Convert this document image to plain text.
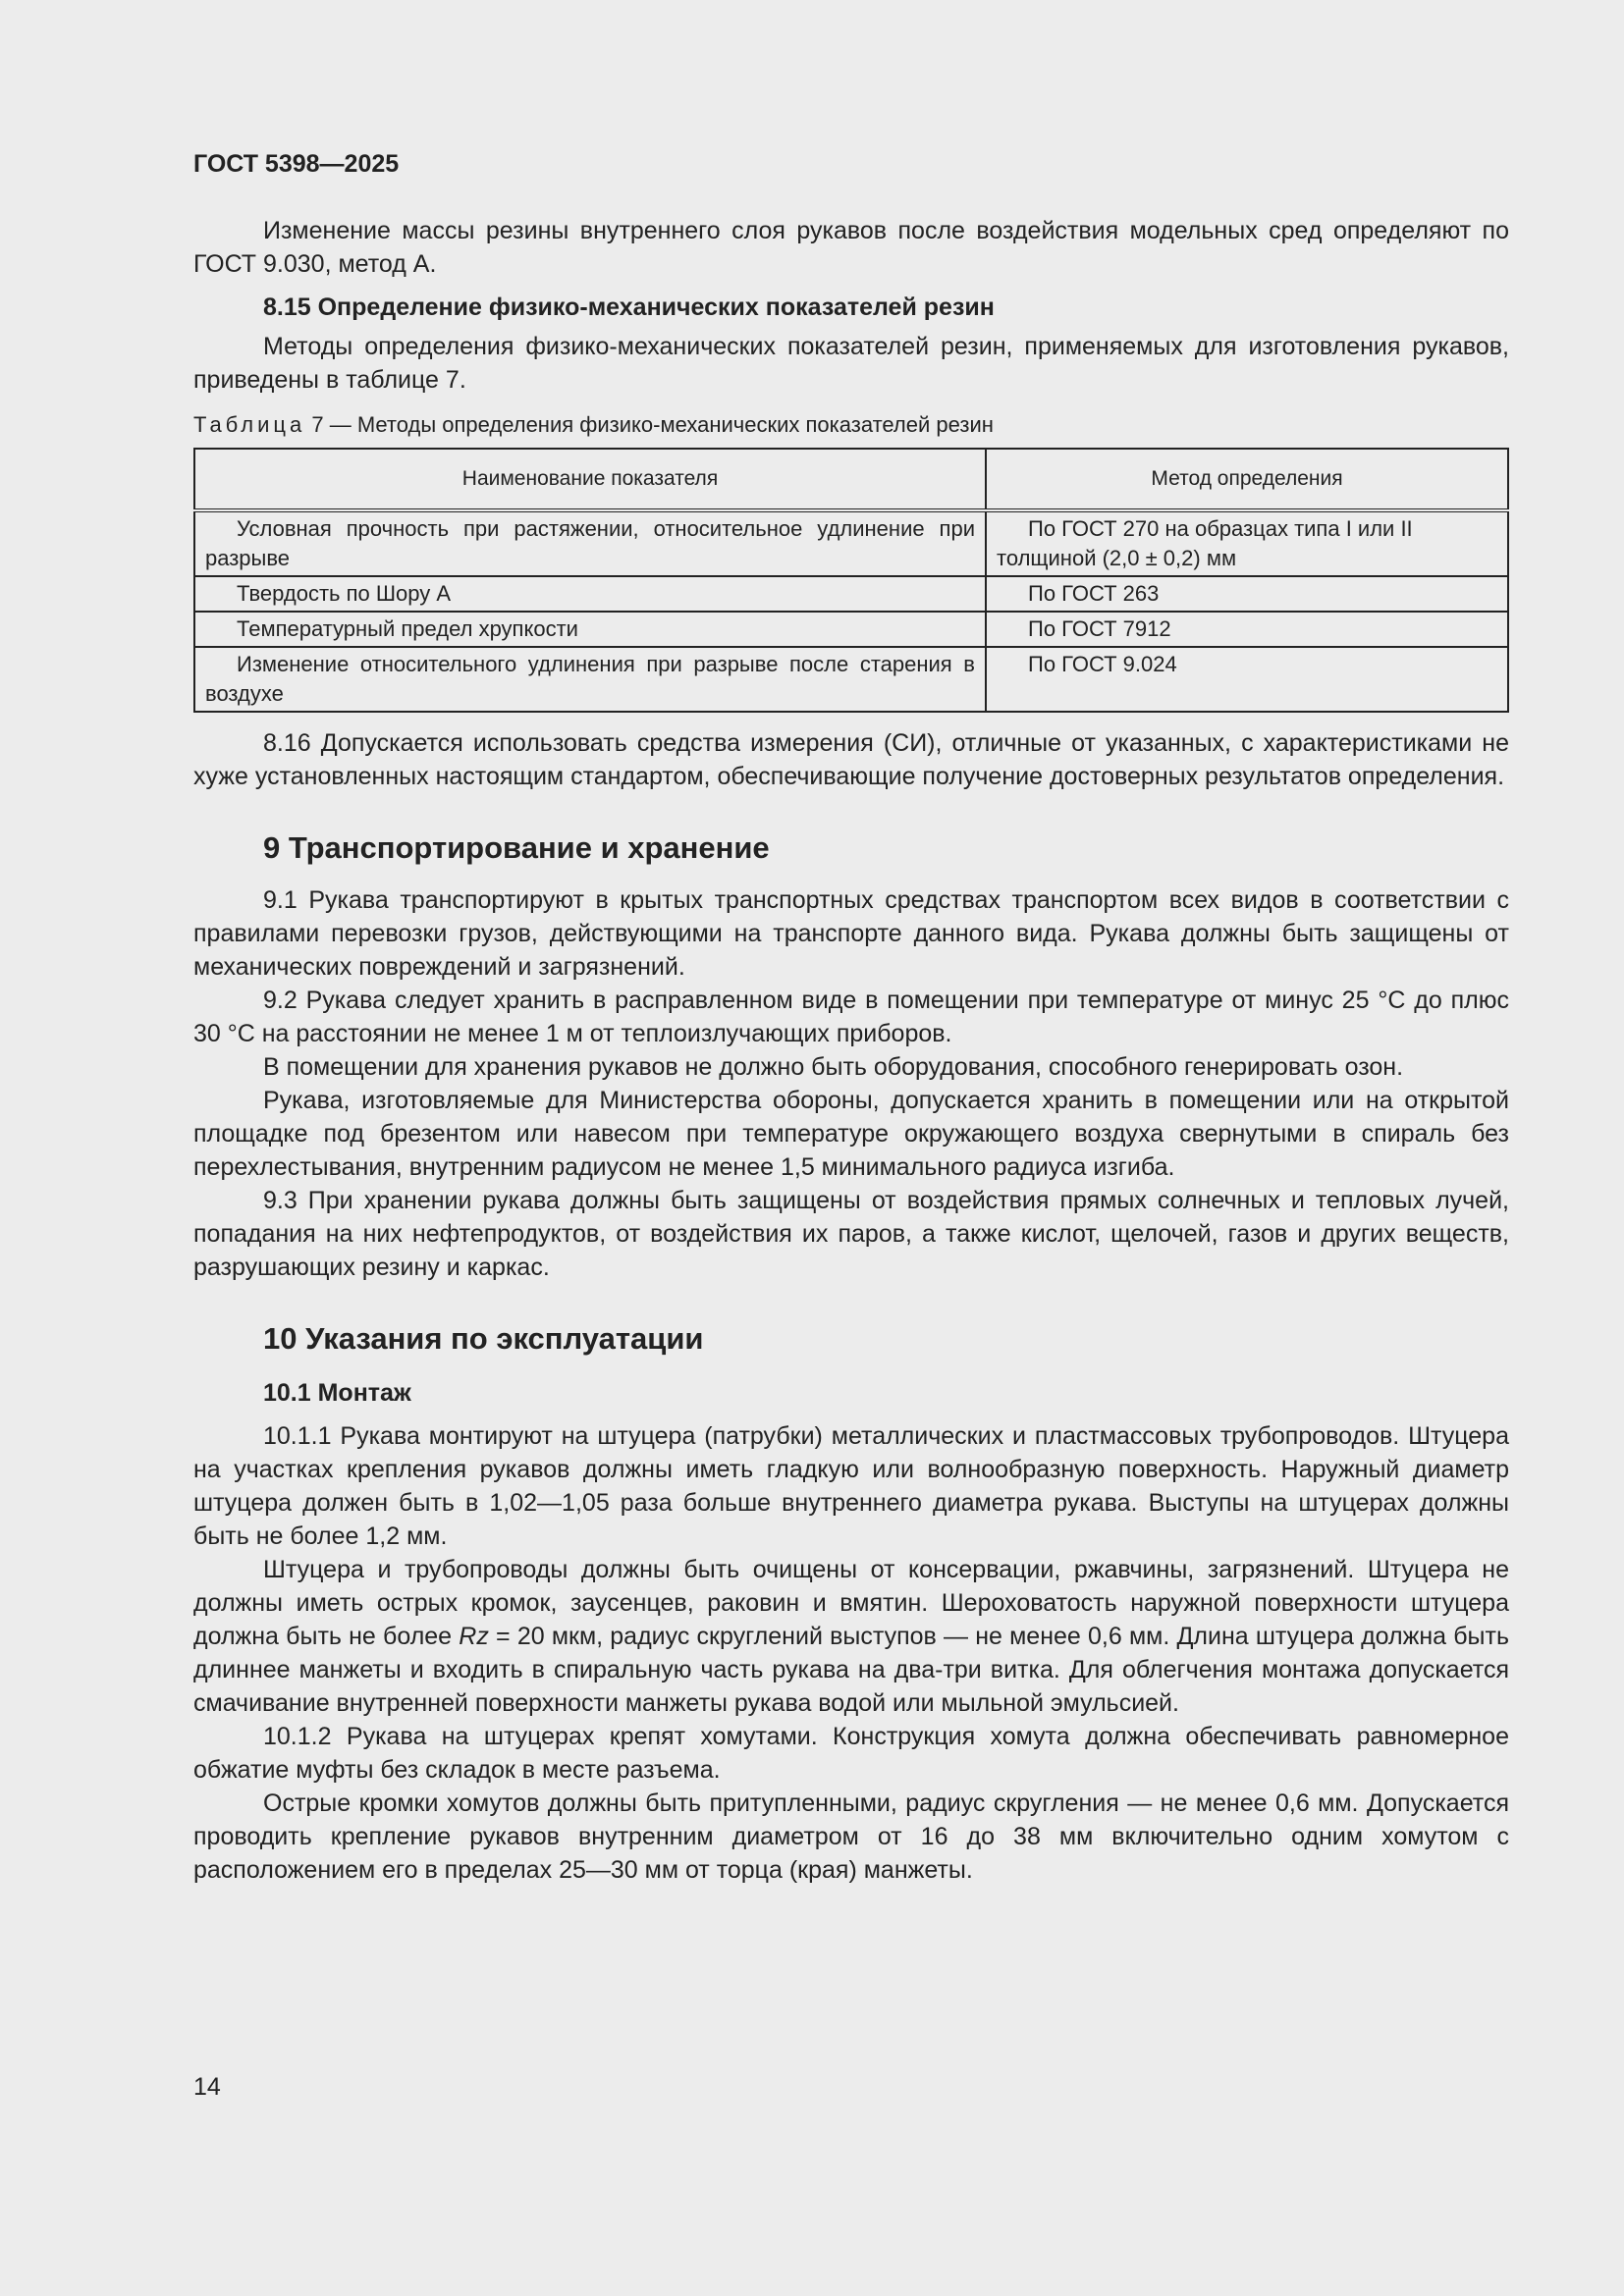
ГОСТ 5398—2025

Изменение массы резины внутреннего слоя рукавов после воздействия модельных сред определяют по ГОСТ 9.030, метод А.

8.15 Определение физико-механических показателей резин

Методы определения физико-механических показателей резин, применяемых для изготовления рукавов, приведены в таблице 7.

Таблица 7 — Методы определения физико-механических показателей резин
Наименование показателя	Метод определения

Условная прочность при растяжении, относительное удлинение при разрыве	По ГОСТ 270 на образцах типа I или II толщиной (2,0 ± 0,2) мм

Твердость по Шору А	По ГОСТ 263

Температурный предел хрупкости	По ГОСТ 7912

Изменение относительного удлинения при разрыве после старения в воздухе	По ГОСТ 9.024

8.16 Допускается использовать средства измерения (СИ), отличные от указанных, с характеристиками не хуже установленных настоящим стандартом, обеспечивающие получение достоверных результатов определения.

9 Транспортирование и хранение

9.1 Рукава транспортируют в крытых транспортных средствах транспортом всех видов в соответствии с правилами перевозки грузов, действующими на транспорте данного вида. Рукава должны быть защищены от механических повреждений и загрязнений.

9.2 Рукава следует хранить в расправленном виде в помещении при температуре от минус 25 °С до плюс 30 °С на расстоянии не менее 1 м от теплоизлучающих приборов.

В помещении для хранения рукавов не должно быть оборудования, способного генерировать озон.

Рукава, изготовляемые для Министерства обороны, допускается хранить в помещении или на открытой площадке под брезентом или навесом при температуре окружающего воздуха свернутыми в спираль без перехлестывания, внутренним радиусом не менее 1,5 минимального радиуса изгиба.

9.3 При хранении рукава должны быть защищены от воздействия прямых солнечных и тепловых лучей, попадания на них нефтепродуктов, от воздействия их паров, а также кислот, щелочей, газов и других веществ, разрушающих резину и каркас.

10 Указания по эксплуатации
10.1 Монтаж

10.1.1 Рукава монтируют на штуцера (патрубки) металлических и пластмассовых трубопроводов. Штуцера на участках крепления рукавов должны иметь гладкую или волнообразную поверхность. Наружный диаметр штуцера должен быть в 1,02—1,05 раза больше внутреннего диаметра рукава. Выступы на штуцерах должны быть не более 1,2 мм.

Штуцера и трубопроводы должны быть очищены от консервации, ржавчины, загрязнений. Штуцера не должны иметь острых кромок, заусенцев, раковин и вмятин. Шероховатость наружной поверхности штуцера должна быть не более Rz = 20 мкм, радиус скруглений выступов — не менее 0,6 мм. Длина штуцера должна быть длиннее манжеты и входить в спиральную часть рукава на два-три витка. Для облегчения монтажа допускается смачивание внутренней поверхности манжеты рукава водой или мыльной эмульсией.

10.1.2 Рукава на штуцерах крепят хомутами. Конструкция хомута должна обеспечивать равномерное обжатие муфты без складок в месте разъема.

Острые кромки хомутов должны быть притупленными, радиус скругления — не менее 0,6 мм. Допускается проводить крепление рукавов внутренним диаметром от 16 до 38 мм включительно одним хомутом с расположением его в пределах 25—30 мм от торца (края) манжеты.

14
